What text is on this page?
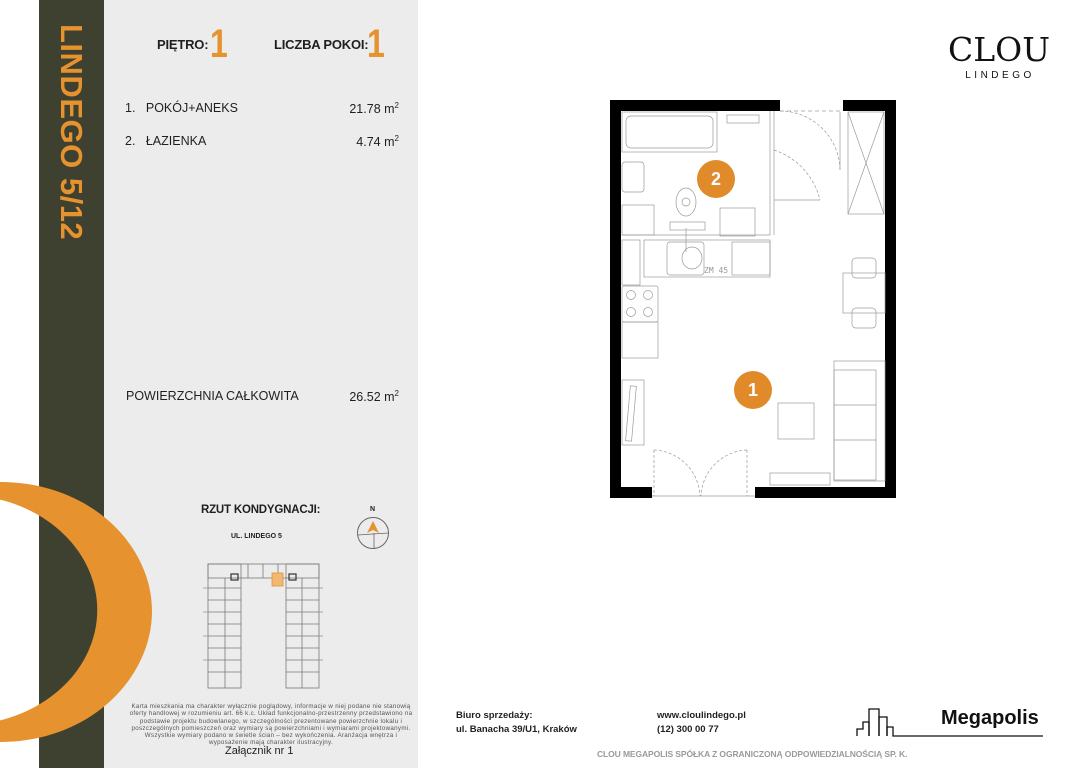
LINDEGO 5/12	PIĘTRO: 1	LICZBA POKOI:
1
1. POKÓJ+ANEKS	21.78 $m^2$
2. ŁAZIENKA	4.74 $m^2$
POWIERZCHNIA CAŁKOWITA	26.52 $m^2$
RZUT KONDYGNACJI:
UL. LINDEGO 5
N
Karta mieszkania ma charakter wyłącznie poglądowy, informacje w niej podane nie stanowią oferty handlowej w rozumieniu art. 66 k.c. Układ funkcjonalno-przestrzenny przedstawiono na podstawie projektu budowlanego, w szczególności prezentowane powierzchnie lokalu i poszczególnych pomieszczeń oraz wymiary są powierzchniami i wymiarami projektowanymi. Wszystkie wymiary podano w świetle ścian – bez wykończenia. Aranżacja wnętrza i wyposażenie mają charakter ilustracyjny.
Załącznik nr 1
CLOU
LINDEGO
ZM 45
2
1
Biuro sprzedaży:
ul. Banacha 39/U1, Kraków
www.cloulindego.pl
(12) 300 00 77
Megapolis
CLOU MEGAPOLIS SPÓŁKA Z OGRANICZONĄ ODPOWIEDZIALNOŚCIĄ SP. K.
